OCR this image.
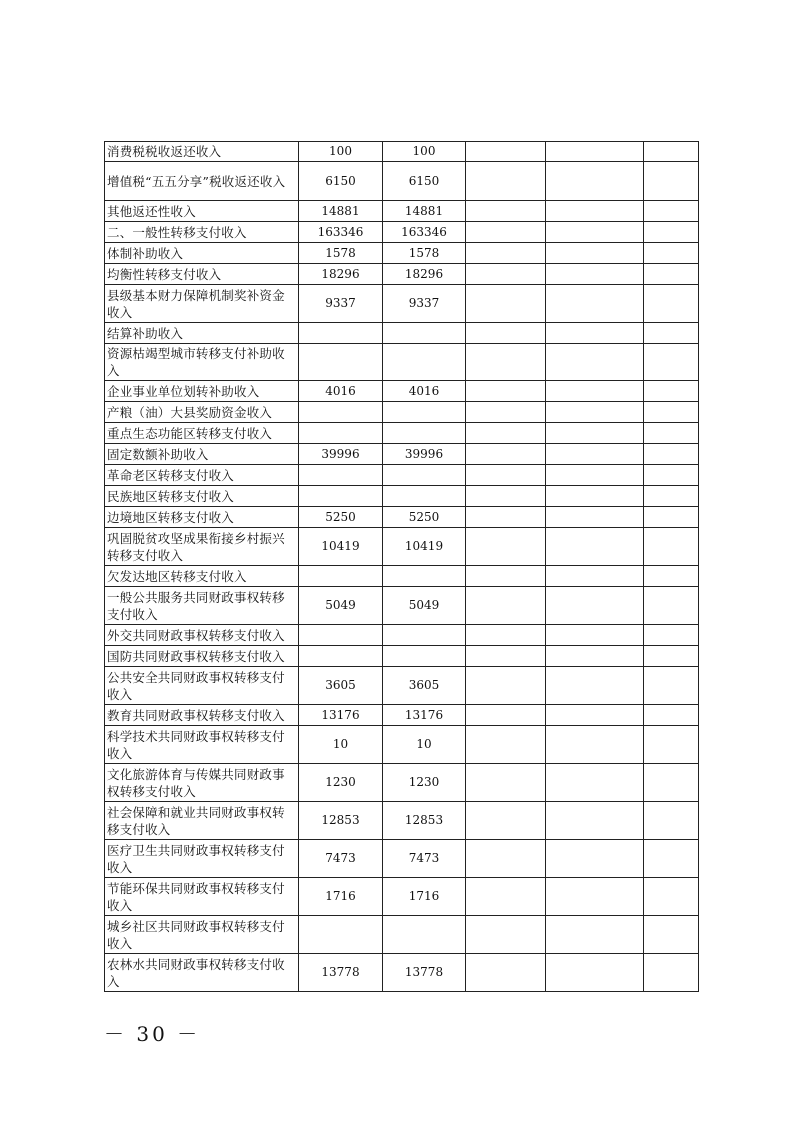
消费税税收返还收入	100	100			
增值税“五五分享”税收返还收入	6150	6150			
其他返还性收入	14881	14881			
二、一般性转移支付收入	163346	163346			
体制补助收入	1578	1578			
均衡性转移支付收入	18296	18296			
县级基本财力保障机制奖补资金收入	9337	9337			
结算补助收入					
资源枯竭型城市转移支付补助收入					
企业事业单位划转补助收入	4016	4016			
产粮（油）大县奖励资金收入					
重点生态功能区转移支付收入					
固定数额补助收入	39996	39996			
革命老区转移支付收入					
民族地区转移支付收入					
边境地区转移支付收入	5250	5250			
巩固脱贫攻坚成果衔接乡村振兴转移支付收入	10419	10419			
欠发达地区转移支付收入					
一般公共服务共同财政事权转移支付收入	5049	5049			
外交共同财政事权转移支付收入					
国防共同财政事权转移支付收入					
公共安全共同财政事权转移支付收入	3605	3605			
教育共同财政事权转移支付收入	13176	13176			
科学技术共同财政事权转移支付收入	10	10			
文化旅游体育与传媒共同财政事权转移支付收入	1230	1230			
社会保障和就业共同财政事权转移支付收入	12853	12853			
医疗卫生共同财政事权转移支付收入	7473	7473			
节能环保共同财政事权转移支付收入	1716	1716			
城乡社区共同财政事权转移支付收入					
农林水共同财政事权转移支付收入	13778	13778			
－ 30 －
